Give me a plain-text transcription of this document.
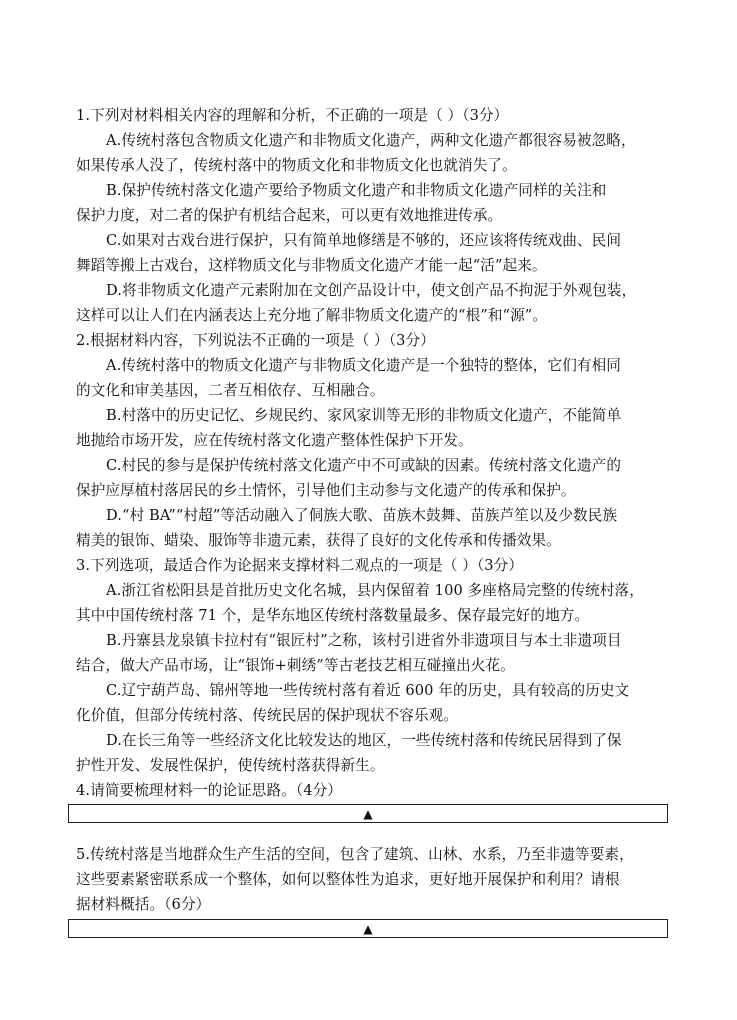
1.下列对材料相关内容的理解和分析，不正确的一项是（ ）（3分）
A.传统村落包含物质文化遗产和非物质文化遗产，两种文化遗产都很容易被忽略，
如果传承人没了，传统村落中的物质文化和非物质文化也就消失了。
B.保护传统村落文化遗产要给予物质文化遗产和非物质文化遗产同样的关注和
保护力度，对二者的保护有机结合起来，可以更有效地推进传承。
C.如果对古戏台进行保护，只有简单地修缮是不够的，还应该将传统戏曲、民间
舞蹈等搬上古戏台，这样物质文化与非物质文化遗产才能一起“活”起来。
D.将非物质文化遗产元素附加在文创产品设计中，使文创产品不拘泥于外观包装，
这样可以让人们在内涵表达上充分地了解非物质文化遗产的“根”和“源”。
2.根据材料内容，下列说法不正确的一项是（ ）（3分）
A.传统村落中的物质文化遗产与非物质文化遗产是一个独特的整体，它们有相同
的文化和审美基因，二者互相依存、互相融合。
B.村落中的历史记忆、乡规民约、家风家训等无形的非物质文化遗产，不能简单
地抛给市场开发，应在传统村落文化遗产整体性保护下开发。
C.村民的参与是保护传统村落文化遗产中不可或缺的因素。传统村落文化遗产的
保护应厚植村落居民的乡土情怀，引导他们主动参与文化遗产的传承和保护。
D.“村 BA”“村超”等活动融入了侗族大歌、苗族木鼓舞、苗族芦笙以及少数民族
精美的银饰、蜡染、服饰等非遗元素，获得了良好的文化传承和传播效果。
3.下列选项，最适合作为论据来支撑材料二观点的一项是（ ）（3分）
A.浙江省松阳县是首批历史文化名城，县内保留着 100 多座格局完整的传统村落，
其中中国传统村落 71 个，是华东地区传统村落数量最多、保存最完好的地方。
B.丹寨县龙泉镇卡拉村有“银匠村”之称，该村引进省外非遗项目与本土非遗项目
结合，做大产品市场，让“银饰+刺绣”等古老技艺相互碰撞出火花。
C.辽宁葫芦岛、锦州等地一些传统村落有着近 600 年的历史，具有较高的历史文
化价值，但部分传统村落、传统民居的保护现状不容乐观。
D.在长三角等一些经济文化比较发达的地区，一些传统村落和传统民居得到了保
护性开发、发展性保护，使传统村落获得新生。
4.请简要梳理材料一的论证思路。（4分）
▲
5.传统村落是当地群众生产生活的空间，包含了建筑、山林、水系，乃至非遗等要素，
这些要素紧密联系成一个整体，如何以整体性为追求，更好地开展保护和利用？请根
据材料概括。（6分）
▲
